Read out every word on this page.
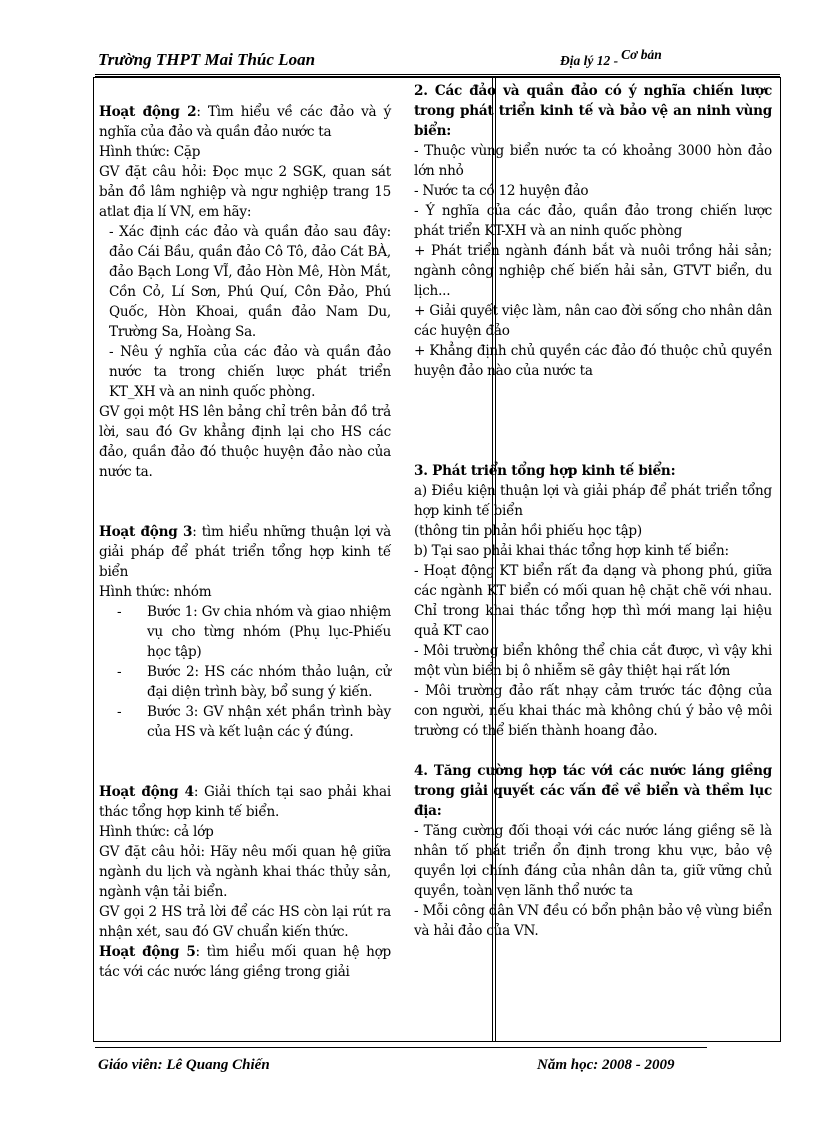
Trường THPT Mai Thúc Loan	Địa lý 12 - Cơ bản

Hoạt động 2: Tìm hiểu về các đảo và ý nghĩa của đảo và quần đảo nước ta

Hình thức: Cặp

GV đặt câu hỏi: Đọc mục 2 SGK, quan sát bản đồ lâm nghiệp và ngư nghiệp trang 15 atlat địa lí VN, em hãy:

- Xác định các đảo và quần đảo sau đây: đảo Cái Bầu, quần đảo Cô Tô, đảo Cát BÀ, đảo Bạch Long VĨ, đảo Hòn Mê, Hòn Mắt, Cồn Cỏ, Lí Sơn, Phú Quí, Côn Đảo, Phú Quốc, Hòn Khoai, quần đảo Nam Du, Trường Sa, Hoàng Sa.

- Nêu ý nghĩa của các đảo và quần đảo nước ta trong chiến lược phát triển KT_XH và an ninh quốc phòng.

GV gọi một HS lên bảng chỉ trên bản đồ trả lời, sau đó Gv khẳng định lại cho HS các đảo, quần đảo đó thuộc huyện đảo nào của nước ta.

Hoạt động 3: tìm hiểu những thuận lợi và giải pháp để phát triển tổng hợp kinh tế biển

Hình thức: nhóm

-	Bước 1: Gv chia nhóm và giao nhiệm vụ cho từng nhóm (Phụ lục-Phiếu học tập)
-	Bước 2: HS các nhóm thảo luận, cử đại diện trình bày, bổ sung ý kiến.
-	Bước 3: GV nhận xét phần trình bày của HS và kết luận các ý đúng.

Hoạt động 4: Giải thích tại sao phải khai thác tổng hợp kinh tế biển.

Hình thức: cả lớp

GV đặt câu hỏi: Hãy nêu mối quan hệ giữa ngành du lịch và ngành khai thác thủy sản, ngành vận tải biển.

GV gọi 2 HS trả lời để các HS còn lại rút ra nhận xét, sau đó GV chuẩn kiến thức.

Hoạt động 5: tìm hiểu mối quan hệ hợp tác với các nước láng giềng trong giải

2. Các đảo và quần đảo có ý nghĩa chiến lược trong phát triển kinh tế và bảo vệ an ninh vùng biển:

- Thuộc vùng biển nước ta có khoảng 3000 hòn đảo lớn nhỏ

- Nước ta có 12 huyện đảo

- Ý nghĩa của các đảo, quần đảo trong chiến lược phát triển KT-XH và an ninh quốc phòng

+ Phát triển ngành đánh bắt và nuôi trồng hải sản; ngành công nghiệp chế biến hải sản, GTVT biển, du lịch...

+ Giải quyết việc làm, nân cao đời sống cho nhân dân các huyện đảo

+ Khẳng định chủ quyền các đảo đó thuộc chủ quyền huyện đảo nào của nước ta

3. Phát triển tổng hợp kinh tế biển:

a) Điều kiện thuận lợi và giải pháp để phát triển tổng hợp kinh tế biển

(thông tin phản hồi phiếu học tập)

b) Tại sao phải khai thác tổng hợp kinh tế biển:

- Hoạt động KT biển rất đa dạng và phong phú, giữa các ngành KT biển có mối quan hệ chặt chẽ với nhau. Chỉ trong khai thác tổng hợp thì mới mang lại hiệu quả KT cao

- Môi trường biển không thể chia cắt được, vì vậy khi một vùn biển bị ô nhiễm sẽ gây thiệt hại rất lớn

- Môi trường đảo rất nhạy cảm trước tác động của con người, nếu khai thác mà không chú ý bảo vệ môi trường có thể biến thành hoang đảo.

4. Tăng cường hợp tác với các nước láng giềng trong giải quyết các vấn đề về biển và thềm lục địa:

- Tăng cường đối thoại với các nước láng giềng sẽ là nhân tố phát triển ổn định trong khu vực, bảo vệ quyền lợi chính đáng của nhân dân ta, giữ vững chủ quyền, toàn vẹn lãnh thổ nước ta

- Mỗi công dân VN đều có bổn phận bảo vệ vùng biển và hải đảo của VN.

Giáo viên: Lê Quang Chiến	Năm học: 2008 - 2009
